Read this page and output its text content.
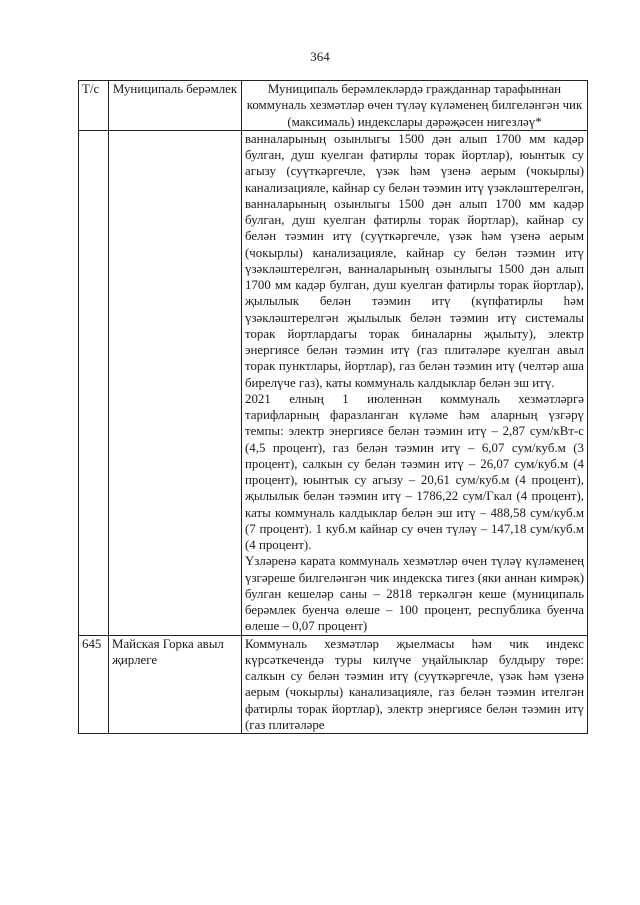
364
Т/с	Муниципаль берәмлек	Муниципаль берәмлекләрдә гражданнар тарафыннан коммуналь хезмәтләр өчен түләү күләменең билгеләнгән чик (максималь) индекслары дәрәҗәсен нигезләү*

		ванналарының озынлыгы 1500 дән алып 1700 мм кадәр булган, душ куелган фатирлы торак йортлар), юынтык су агызу (суүткәргечле, үзәк һәм үзенә аерым (чокырлы) канализацияле, кайнар су белән тәэмин итү үзәкләштерелгән, ванналарының озынлыгы 1500 дән алып 1700 мм кадәр булган, душ куелган фатирлы торак йортлар), кайнар су белән тәэмин итү (суүткәргечле, үзәк һәм үзенә аерым (чокырлы) канализацияле, кайнар су белән тәэмин итү үзәкләштерелгән, ванналарының озынлыгы 1500 дән алып 1700 мм кадәр булган, душ куелган фатирлы торак йортлар), җылылык белән тәэмин итү (күпфатирлы һәм үзәкләштерелгән җылылык белән тәэмин итү системалы торак йортлардагы торак биналарны җылыту), электр энергиясе белән тәэмин итү (газ плитәләре куелган авыл торак пунктлары, йортлар), газ белән тәэмин итү (челтәр аша бирелүче газ), каты коммуналь калдыклар белән эш итү.

2021 елның 1 июленнән коммуналь хезмәтләргә тарифларның фаразланган күләме һәм аларның үзгәрү темпы: электр энергиясе белән тәэмин итү – 2,87 сум/кВт-с (4,5 процент), газ белән тәэмин итү – 6,07 сум/куб.м (3 процент), салкын су белән тәэмин итү – 26,07 сум/куб.м (4 процент), юынтык су агызу – 20,61 сум/куб.м (4 процент), җылылык белән тәэмин итү – 1786,22 сум/Гкал (4 процент), каты коммуналь калдыклар белән эш итү – 488,58 сум/куб.м (7 процент). 1 куб.м кайнар су өчен түләү – 147,18 сум/куб.м (4 процент).

Үзләренә карата коммуналь хезмәтләр өчен түләү күләменең үзгәреше билгеләнгән чик индекска тигез (яки аннан кимрәк) булган кешеләр саны – 2818 теркәлгән кеше (муниципаль берәмлек буенча өлеше – 100 процент, республика буенча өлеше – 0,07 процент)

645	Майская Горка авыл җирлеге	Коммуналь хезмәтләр җыелмасы һәм чик индекс күрсәткечендә туры килүче уңайлыклар булдыру төре: салкын су белән тәэмин итү (суүткәргечле, үзәк һәм үзенә аерым (чокырлы) канализацияле, газ белән тәэмин ителгән фатирлы торак йортлар), электр энергиясе белән тәэмин итү (газ плитәләре
